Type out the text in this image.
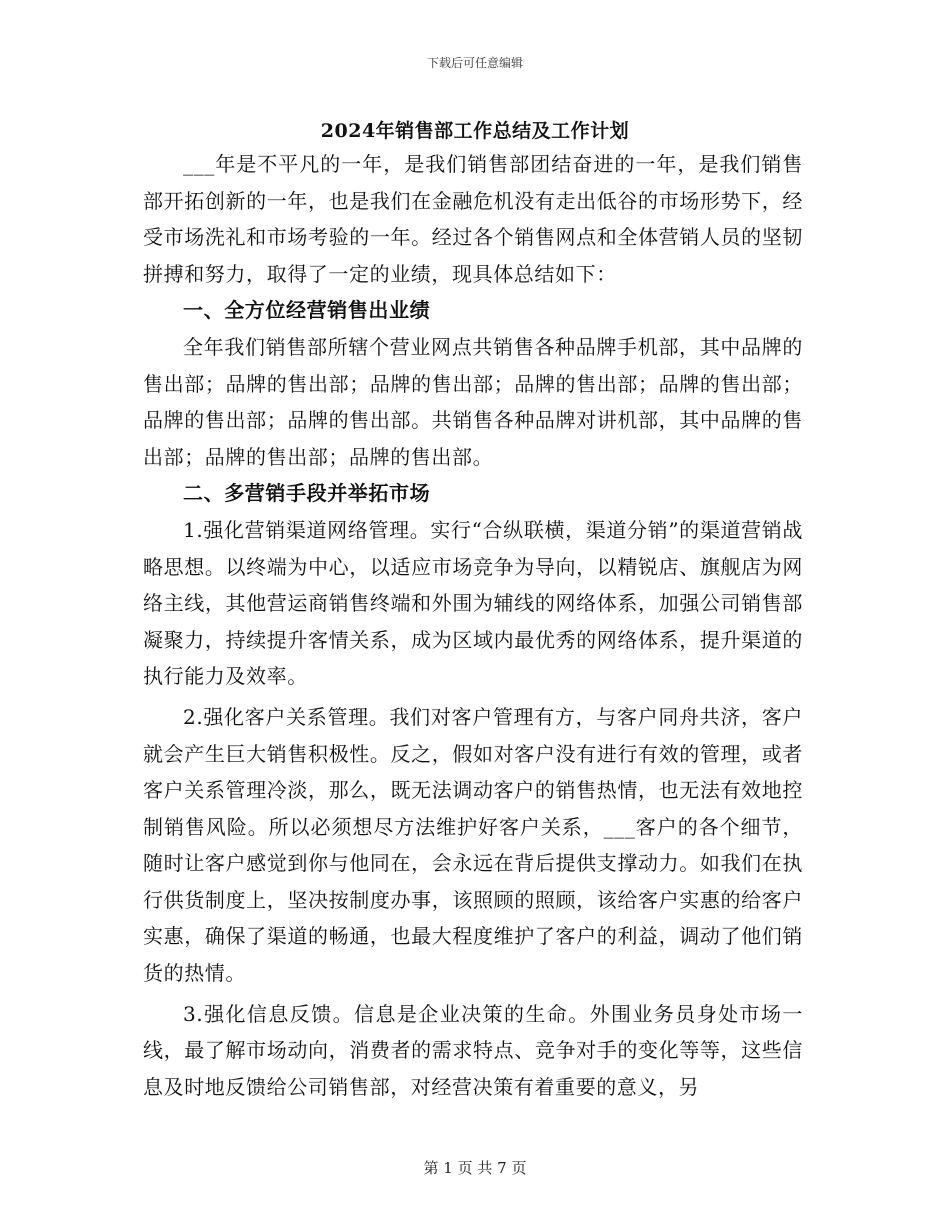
下载后可任意编辑
2024年销售部工作总结及工作计划

___年是不平凡的一年，是我们销售部团结奋进的一年，是我们销售部开拓创新的一年，也是我们在金融危机没有走出低谷的市场形势下，经受市场洗礼和市场考验的一年。经过各个销售网点和全体营销人员的坚韧拼搏和努力，取得了一定的业绩，现具体总结如下：

一、全方位经营销售出业绩

全年我们销售部所辖个营业网点共销售各种品牌手机部，其中品牌的售出部；品牌的售出部；品牌的售出部；品牌的售出部；品牌的售出部；品牌的售出部；品牌的售出部。共销售各种品牌对讲机部，其中品牌的售出部；品牌的售出部；品牌的售出部。

二、多营销手段并举拓市场

1.强化营销渠道网络管理。实行“合纵联横，渠道分销”的渠道营销战略思想。以终端为中心，以适应市场竞争为导向，以精锐店、旗舰店为网络主线，其他营运商销售终端和外围为辅线的网络体系，加强公司销售部凝聚力，持续提升客情关系，成为区域内最优秀的网络体系，提升渠道的执行能力及效率。

2.强化客户关系管理。我们对客户管理有方，与客户同舟共济，客户就会产生巨大销售积极性。反之，假如对客户没有进行有效的管理，或者客户关系管理冷淡，那么，既无法调动客户的销售热情，也无法有效地控制销售风险。所以必须想尽方法维护好客户关系，___客户的各个细节，随时让客户感觉到你与他同在，会永远在背后提供支撑动力。如我们在执行供货制度上，坚决按制度办事，该照顾的照顾，该给客户实惠的给客户实惠，确保了渠道的畅通，也最大程度维护了客户的利益，调动了他们销货的热情。

3.强化信息反馈。信息是企业决策的生命。外围业务员身处市场一线，最了解市场动向，消费者的需求特点、竞争对手的变化等等，这些信息及时地反馈给公司销售部，对经营决策有着重要的意义，另

第 1 页 共 7 页
